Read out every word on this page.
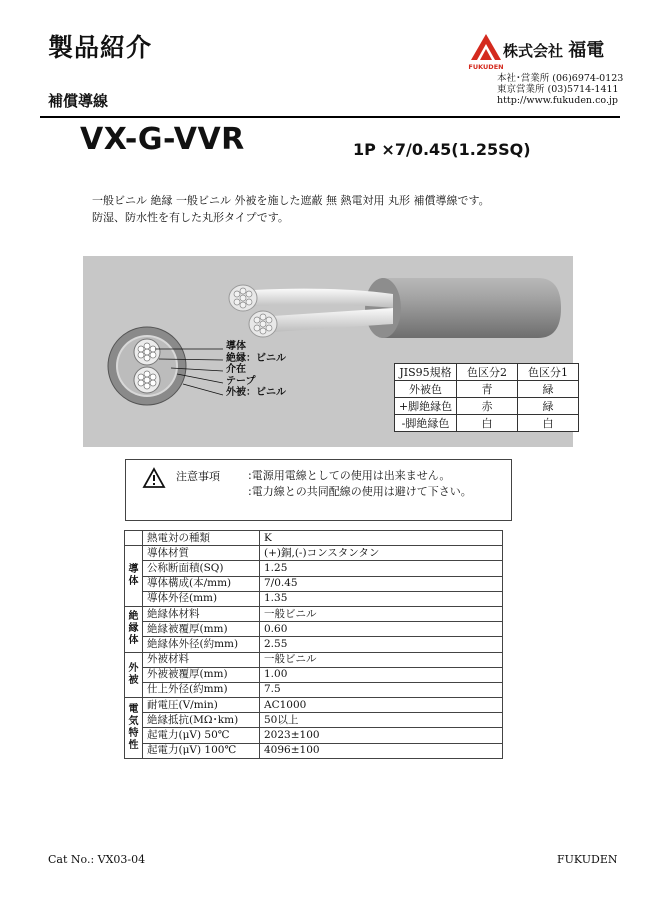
製品紹介
補償導線
FUKUDEN
株式会社 福電
本社･営業所 (06)6974-0123
東京営業所 (03)5714-1411
http://www.fukuden.co.jp
VX-G-VVR	1P ×7/0.45(1.25SQ)
一般ビニル 絶縁 一般ビニル 外被を施した遮蔽 無 熱電対用 丸形 補償導線です。
防湿、防水性を有した丸形タイプです。
導体
絶縁：ビニル
介在
テープ
外被：ビニル
JIS95規格	色区分2	色区分1
外被色	青	緑
+脚絶縁色	赤	緑
-脚絶縁色	白	白
注意事項	:電源用電線としての使用は出来ません。
:電力線との共同配線の使用は避けて下さい。
	熱電対の種類	K
導体	導体材質	(+)銅,(-)コンスタンタン
	公称断面積(SQ)	1.25
	導体構成(本/mm)	7/0.45
	導体外径(mm)	1.35
絶縁体	絶縁体材料	一般ビニル
	絶縁被覆厚(mm)	0.60
	絶縁体外径(約mm)	2.55
外被	外被材料	一般ビニル
	外被被覆厚(mm)	1.00
	仕上外径(約mm)	7.5
電気特性	耐電圧(V/min)	AC1000
	絶縁抵抗(MΩ･km)	50以上
	起電力(μV) 50℃	2023±100
	起電力(μV) 100℃	4096±100
Cat No.: VX03-04	FUKUDEN
